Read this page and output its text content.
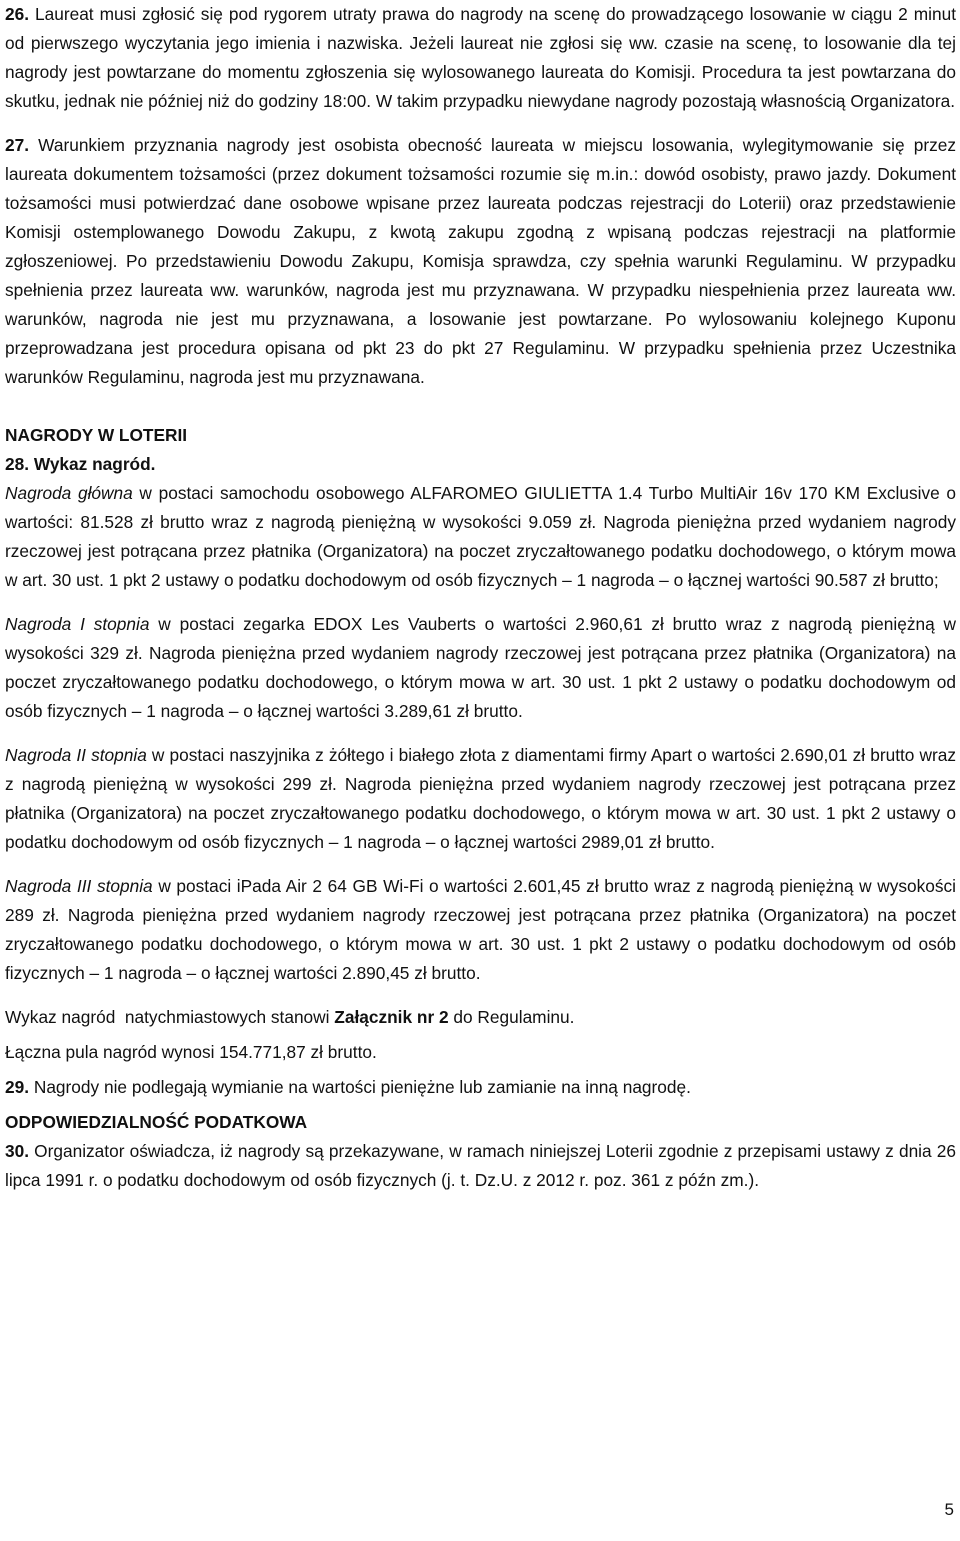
26. Laureat musi zgłosić się pod rygorem utraty prawa do nagrody na scenę do prowadzącego losowanie w ciągu 2 minut od pierwszego wyczytania jego imienia i nazwiska. Jeżeli laureat nie zgłosi się ww. czasie na scenę, to losowanie dla tej nagrody jest powtarzane do momentu zgłoszenia się wylosowanego laureata do Komisji. Procedura ta jest powtarzana do skutku, jednak nie później niż do godziny 18:00. W takim przypadku niewydane nagrody pozostają własnością Organizatora.

27. Warunkiem przyznania nagrody jest osobista obecność laureata w miejscu losowania, wylegitymowanie się przez laureata dokumentem tożsamości (przez dokument tożsamości rozumie się m.in.: dowód osobisty, prawo jazdy. Dokument tożsamości musi potwierdzać dane osobowe wpisane przez laureata podczas rejestracji do Loterii) oraz przedstawienie Komisji ostemplowanego Dowodu Zakupu, z kwotą zakupu zgodną z wpisaną podczas rejestracji na platformie zgłoszeniowej. Po przedstawieniu Dowodu Zakupu, Komisja sprawdza, czy spełnia warunki Regulaminu. W przypadku spełnienia przez laureata ww. warunków, nagroda jest mu przyznawana. W przypadku niespełnienia przez laureata ww. warunków, nagroda nie jest mu przyznawana, a losowanie jest powtarzane. Po wylosowaniu kolejnego Kuponu przeprowadzana jest procedura opisana od pkt 23 do pkt 27 Regulaminu. W przypadku spełnienia przez Uczestnika warunków Regulaminu, nagroda jest mu przyznawana.

NAGRODY W LOTERII

28. Wykaz nagród.

Nagroda główna w postaci samochodu osobowego ALFAROMEO GIULIETTA 1.4 Turbo MultiAir 16v 170 KM Exclusive o wartości: 81.528 zł brutto wraz z nagrodą pieniężną w wysokości 9.059 zł. Nagroda pieniężna przed wydaniem nagrody rzeczowej jest potrącana przez płatnika (Organizatora) na poczet zryczałtowanego podatku dochodowego, o którym mowa w art. 30 ust. 1 pkt 2 ustawy o podatku dochodowym od osób fizycznych – 1 nagroda – o łącznej wartości 90.587 zł brutto;

Nagroda I stopnia w postaci zegarka EDOX Les Vauberts o wartości 2.960,61 zł brutto wraz z nagrodą pieniężną w wysokości 329 zł. Nagroda pieniężna przed wydaniem nagrody rzeczowej jest potrącana przez płatnika (Organizatora) na poczet zryczałtowanego podatku dochodowego, o którym mowa w art. 30 ust. 1 pkt 2 ustawy o podatku dochodowym od osób fizycznych – 1 nagroda – o łącznej wartości 3.289,61 zł brutto.

Nagroda II stopnia w postaci naszyjnika z żółtego i białego złota z diamentami firmy Apart o wartości 2.690,01 zł brutto wraz z nagrodą pieniężną w wysokości 299 zł. Nagroda pieniężna przed wydaniem nagrody rzeczowej jest potrącana przez płatnika (Organizatora) na poczet zryczałtowanego podatku dochodowego, o którym mowa w art. 30 ust. 1 pkt 2 ustawy o podatku dochodowym od osób fizycznych – 1 nagroda – o łącznej wartości 2989,01 zł brutto.

Nagroda III stopnia w postaci iPada Air 2 64 GB Wi-Fi o wartości 2.601,45 zł brutto wraz z nagrodą pieniężną w wysokości 289 zł. Nagroda pieniężna przed wydaniem nagrody rzeczowej jest potrącana przez płatnika (Organizatora) na poczet zryczałtowanego podatku dochodowego, o którym mowa w art. 30 ust. 1 pkt 2 ustawy o podatku dochodowym od osób fizycznych – 1 nagroda – o łącznej wartości 2.890,45 zł brutto.

Wykaz nagród  natychmiastowych stanowi Załącznik nr 2 do Regulaminu.

Łączna pula nagród wynosi 154.771,87 zł brutto.

29. Nagrody nie podlegają wymianie na wartości pieniężne lub zamianie na inną nagrodę.

ODPOWIEDZIALNOŚĆ PODATKOWA

30. Organizator oświadcza, iż nagrody są przekazywane, w ramach niniejszej Loterii zgodnie z przepisami ustawy z dnia 26 lipca 1991 r. o podatku dochodowym od osób fizycznych (j. t. Dz.U. z 2012 r. poz. 361 z późn zm.).

5
